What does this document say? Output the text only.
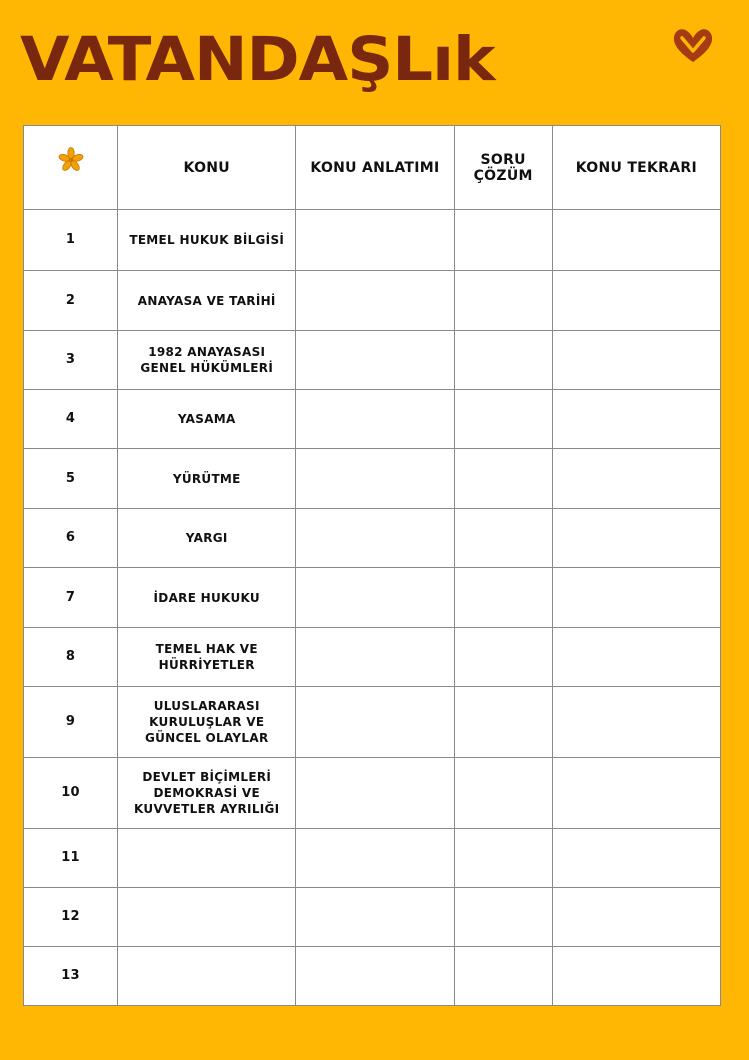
VATANDAŞLık
	KONU	KONU ANLATIMI	SORU ÇÖZÜM	KONU TEKRARI
1	TEMEL HUKUK BİLGİSİ			
2	ANAYASA VE TARİHİ			
3	1982 ANAYASASI GENEL HÜKÜMLERİ			
4	YASAMA			
5	YÜRÜTME			
6	YARGI			
7	İDARE HUKUKU			
8	TEMEL HAK VE HÜRRİYETLER			
9	ULUSLARARASI KURULUŞLAR VE GÜNCEL OLAYLAR			
10	DEVLET BİÇİMLERİ DEMOKRASİ VE KUVVETLER AYRILIĞI			
11				
12				
13				
